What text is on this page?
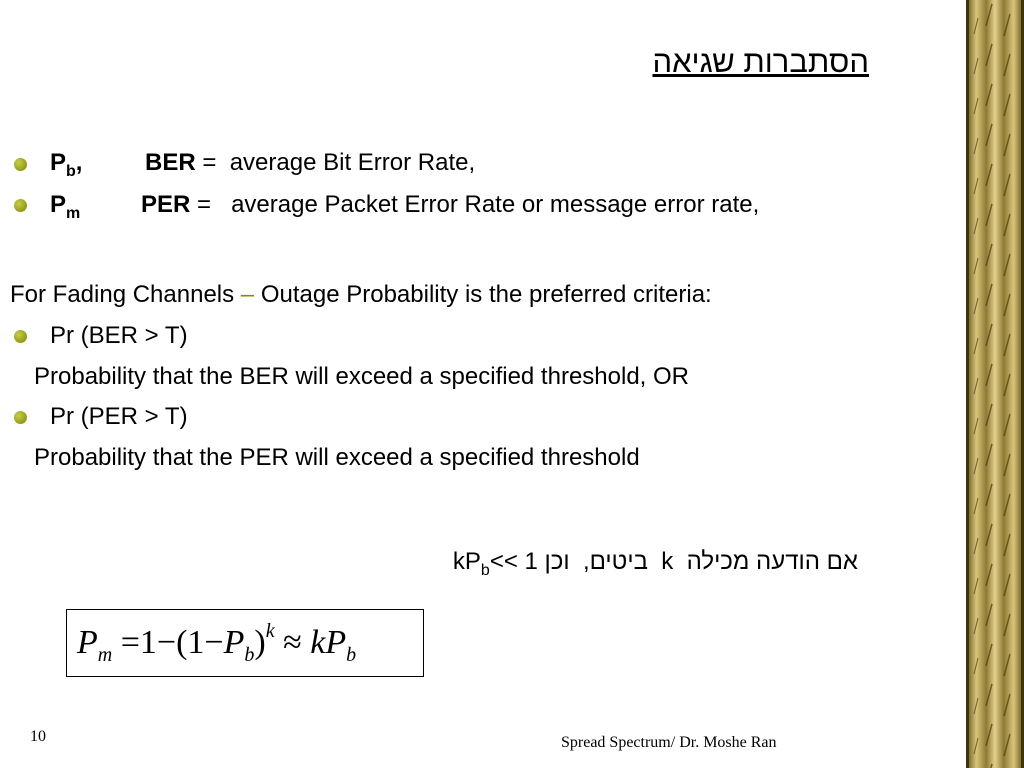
הסתברות שגיאה
$P_b$,	BER = average Bit Error Rate,
$P_m$	PER = average Packet Error Rate or message error rate,
For Fading Channels – Outage Probability is the preferred criteria:
Pr (BER > T)
Probability that the BER will exceed a specified threshold, OR
Pr (PER > T)
Probability that the PER will exceed a specified threshold
אם הודעה מכילה  k  ביטים,  וכן $kP_b<< 1$
$P_m =1-(1-P_b)^k \approx kP_b$
10	Spread Spectrum/ Dr. Moshe Ran
